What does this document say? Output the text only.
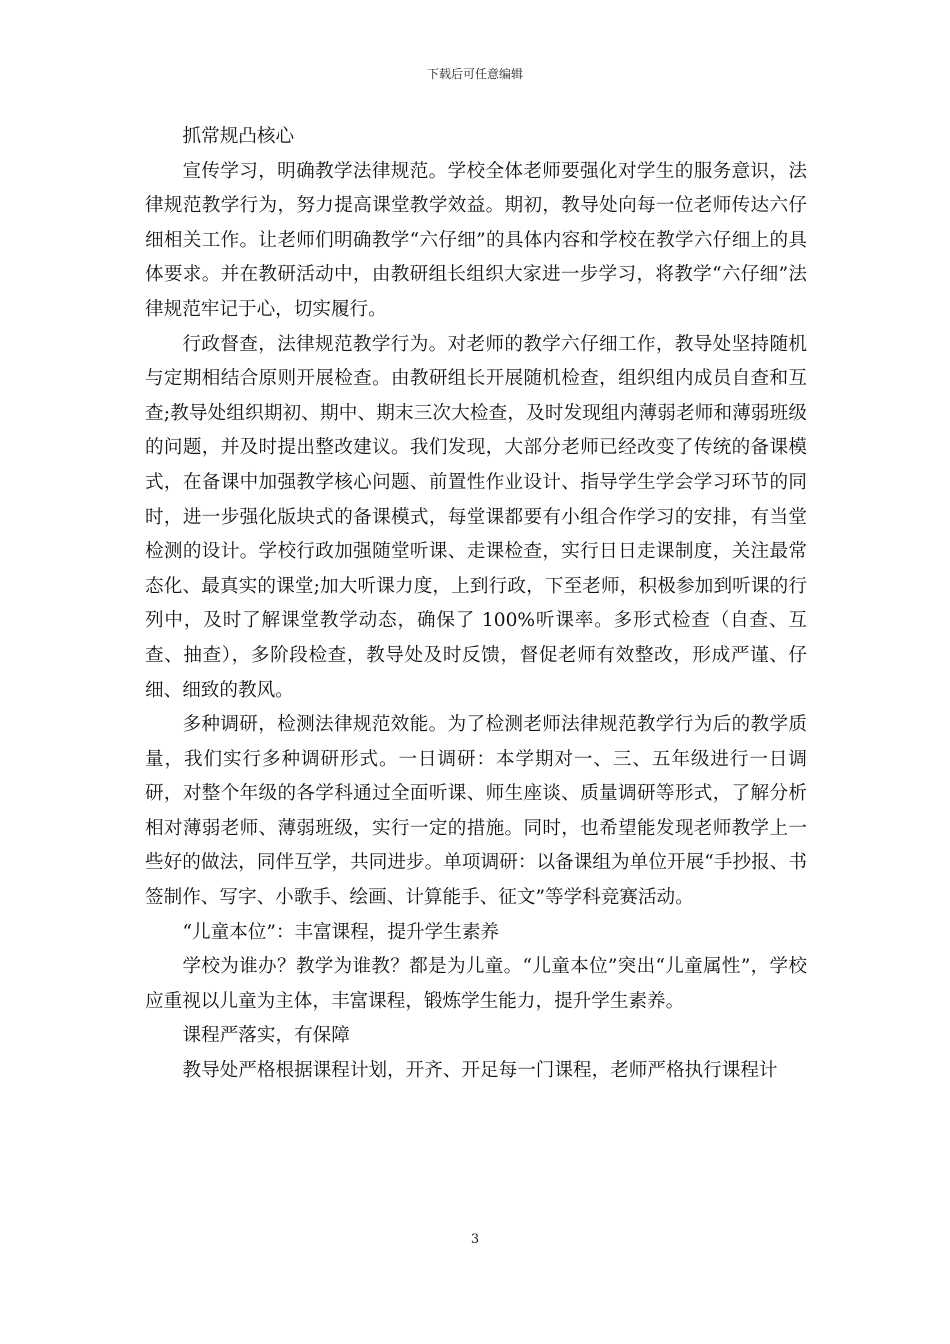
下载后可任意编辑

抓常规凸核心

宣传学习，明确教学法律规范。学校全体老师要强化对学生的服务意识，法律规范教学行为，努力提高课堂教学效益。期初，教导处向每一位老师传达六仔细相关工作。让老师们明确教学“六仔细”的具体内容和学校在教学六仔细上的具体要求。并在教研活动中，由教研组长组织大家进一步学习，将教学“六仔细”法律规范牢记于心，切实履行。

行政督查，法律规范教学行为。对老师的教学六仔细工作，教导处坚持随机与定期相结合原则开展检查。由教研组长开展随机检查，组织组内成员自查和互查;教导处组织期初、期中、期末三次大检查，及时发现组内薄弱老师和薄弱班级的问题，并及时提出整改建议。我们发现，大部分老师已经改变了传统的备课模式，在备课中加强教学核心问题、前置性作业设计、指导学生学会学习环节的同时，进一步强化版块式的备课模式，每堂课都要有小组合作学习的安排，有当堂检测的设计。学校行政加强随堂听课、走课检查，实行日日走课制度，关注最常态化、最真实的课堂;加大听课力度，上到行政，下至老师，积极参加到听课的行列中，及时了解课堂教学动态，确保了 100%听课率。多形式检查（自查、互查、抽查），多阶段检查，教导处及时反馈，督促老师有效整改，形成严谨、仔细、细致的教风。

多种调研，检测法律规范效能。为了检测老师法律规范教学行为后的教学质量，我们实行多种调研形式。一日调研：本学期对一、三、五年级进行一日调研，对整个年级的各学科通过全面听课、师生座谈、质量调研等形式，了解分析相对薄弱老师、薄弱班级，实行一定的措施。同时，也希望能发现老师教学上一些好的做法，同伴互学，共同进步。单项调研：以备课组为单位开展“手抄报、书签制作、写字、小歌手、绘画、计算能手、征文”等学科竞赛活动。

“儿童本位”：丰富课程，提升学生素养

学校为谁办？教学为谁教？都是为儿童。“儿童本位”突出“儿童属性”，学校应重视以儿童为主体，丰富课程，锻炼学生能力，提升学生素养。

课程严落实，有保障

教导处严格根据课程计划，开齐、开足每一门课程，老师严格执行课程计

3
